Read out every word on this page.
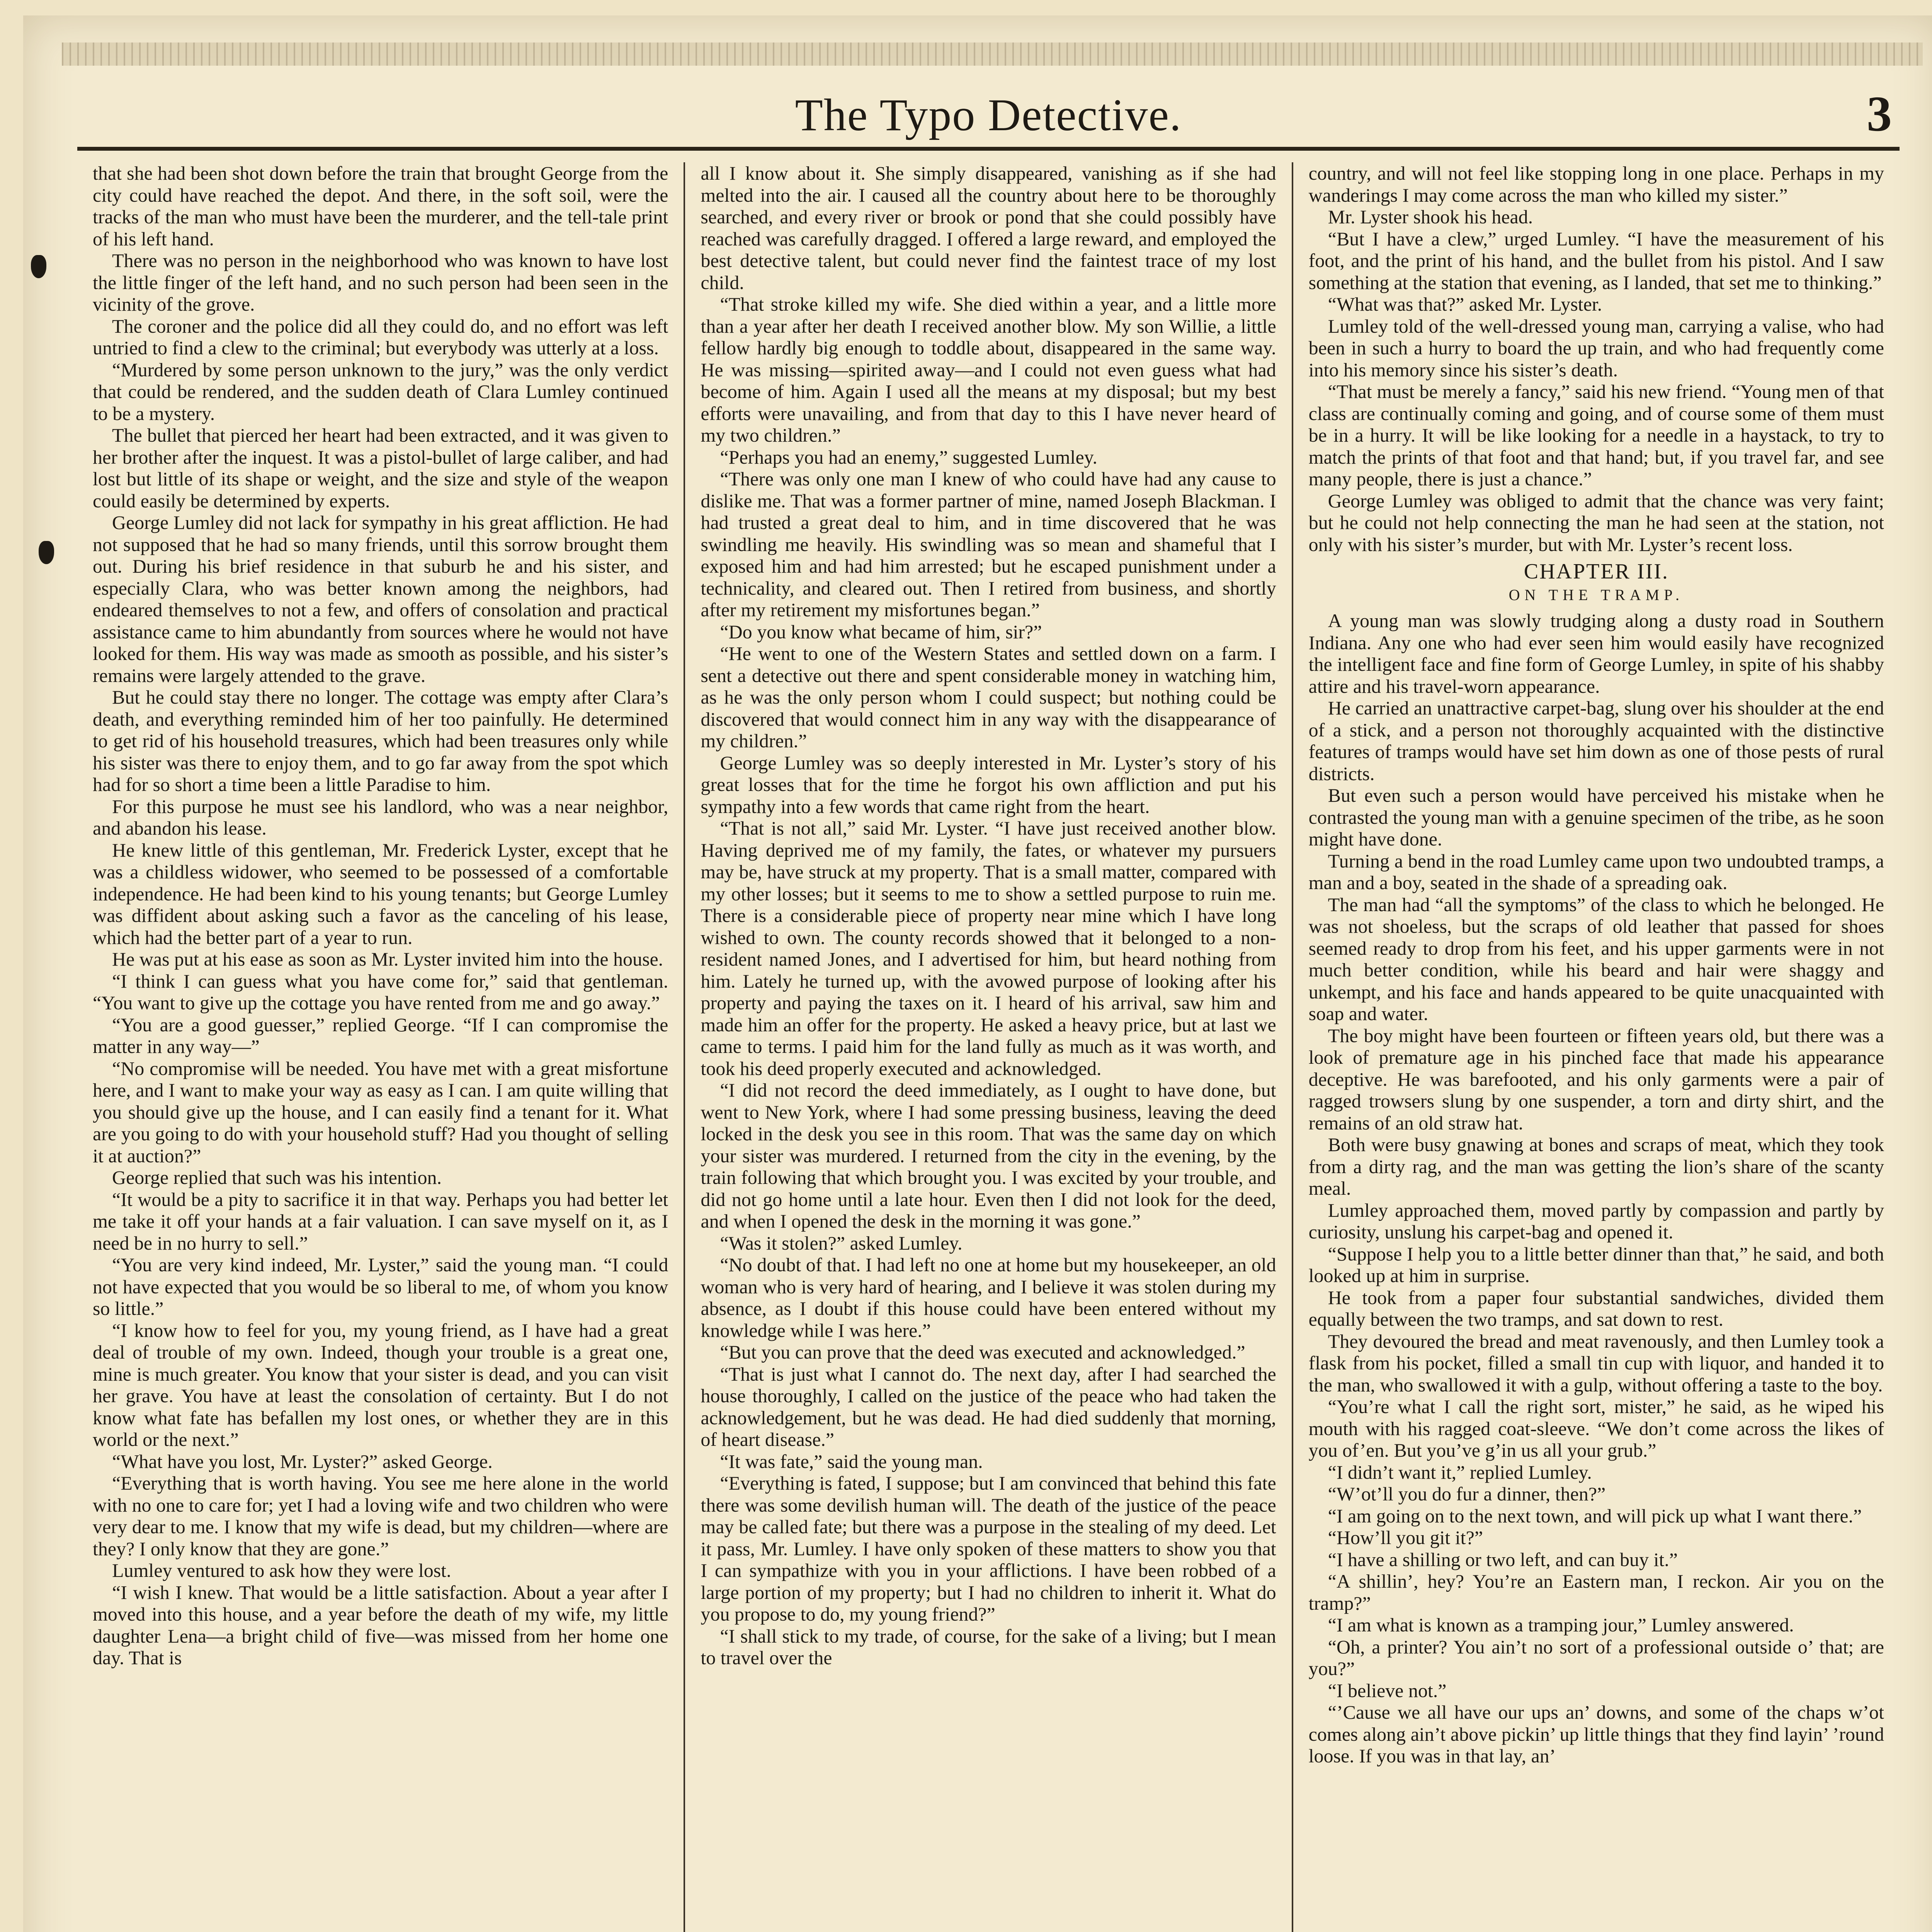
The Typo Detective.	3

that she had been shot down before the train that brought George from the city could have reached the depot. And there, in the soft soil, were the tracks of the man who must have been the murderer, and the tell-tale print of his left hand.

There was no person in the neighborhood who was known to have lost the little finger of the left hand, and no such person had been seen in the vicinity of the grove.

The coroner and the police did all they could do, and no effort was left untried to find a clew to the criminal; but everybody was utterly at a loss.

“Murdered by some person unknown to the jury,” was the only verdict that could be rendered, and the sudden death of Clara Lumley continued to be a mystery.

The bullet that pierced her heart had been extracted, and it was given to her brother after the inquest. It was a pistol-bullet of large caliber, and had lost but little of its shape or weight, and the size and style of the weapon could easily be determined by experts.

George Lumley did not lack for sympathy in his great affliction. He had not supposed that he had so many friends, until this sorrow brought them out. During his brief residence in that suburb he and his sister, and especially Clara, who was better known among the neighbors, had endeared themselves to not a few, and offers of consolation and practical assistance came to him abundantly from sources where he would not have looked for them. His way was made as smooth as possible, and his sister’s remains were largely attended to the grave.

But he could stay there no longer. The cottage was empty after Clara’s death, and everything reminded him of her too painfully. He determined to get rid of his household treasures, which had been treasures only while his sister was there to enjoy them, and to go far away from the spot which had for so short a time been a little Paradise to him.

For this purpose he must see his landlord, who was a near neighbor, and abandon his lease.

He knew little of this gentleman, Mr. Frederick Lyster, except that he was a childless widower, who seemed to be possessed of a comfortable independence. He had been kind to his young tenants; but George Lumley was diffident about asking such a favor as the canceling of his lease, which had the better part of a year to run.

He was put at his ease as soon as Mr. Lyster invited him into the house.

“I think I can guess what you have come for,” said that gentleman. “You want to give up the cottage you have rented from me and go away.”

“You are a good guesser,” replied George. “If I can compromise the matter in any way—”

“No compromise will be needed. You have met with a great misfortune here, and I want to make your way as easy as I can. I am quite willing that you should give up the house, and I can easily find a tenant for it. What are you going to do with your household stuff? Had you thought of selling it at auction?”

George replied that such was his intention.

“It would be a pity to sacrifice it in that way. Perhaps you had better let me take it off your hands at a fair valuation. I can save myself on it, as I need be in no hurry to sell.”

“You are very kind indeed, Mr. Lyster,” said the young man. “I could not have expected that you would be so liberal to me, of whom you know so little.”

“I know how to feel for you, my young friend, as I have had a great deal of trouble of my own. Indeed, though your trouble is a great one, mine is much greater. You know that your sister is dead, and you can visit her grave. You have at least the consolation of certainty. But I do not know what fate has befallen my lost ones, or whether they are in this world or the next.”

“What have you lost, Mr. Lyster?” asked George.

“Everything that is worth having. You see me here alone in the world with no one to care for; yet I had a loving wife and two children who were very dear to me. I know that my wife is dead, but my children—where are they? I only know that they are gone.”

Lumley ventured to ask how they were lost.

“I wish I knew. That would be a little satisfaction. About a year after I moved into this house, and a year before the death of my wife, my little daughter Lena—a bright child of five—was missed from her home one day. That is

all I know about it. She simply disappeared, vanishing as if she had melted into the air. I caused all the country about here to be thoroughly searched, and every river or brook or pond that she could possibly have reached was carefully dragged. I offered a large reward, and employed the best detective talent, but could never find the faintest trace of my lost child.

“That stroke killed my wife. She died within a year, and a little more than a year after her death I received another blow. My son Willie, a little fellow hardly big enough to toddle about, disappeared in the same way. He was missing—spirited away—and I could not even guess what had become of him. Again I used all the means at my disposal; but my best efforts were unavailing, and from that day to this I have never heard of my two children.”

“Perhaps you had an enemy,” suggested Lumley.

“There was only one man I knew of who could have had any cause to dislike me. That was a former partner of mine, named Joseph Blackman. I had trusted a great deal to him, and in time discovered that he was swindling me heavily. His swindling was so mean and shameful that I exposed him and had him arrested; but he escaped punishment under a technicality, and cleared out. Then I retired from business, and shortly after my retirement my misfortunes began.”

“Do you know what became of him, sir?”

“He went to one of the Western States and settled down on a farm. I sent a detective out there and spent considerable money in watching him, as he was the only person whom I could suspect; but nothing could be discovered that would connect him in any way with the disappearance of my children.”

George Lumley was so deeply interested in Mr. Lyster’s story of his great losses that for the time he forgot his own affliction and put his sympathy into a few words that came right from the heart.

“That is not all,” said Mr. Lyster. “I have just received another blow. Having deprived me of my family, the fates, or whatever my pursuers may be, have struck at my property. That is a small matter, compared with my other losses; but it seems to me to show a settled purpose to ruin me. There is a considerable piece of property near mine which I have long wished to own. The county records showed that it belonged to a non-resident named Jones, and I advertised for him, but heard nothing from him. Lately he turned up, with the avowed purpose of looking after his property and paying the taxes on it. I heard of his arrival, saw him and made him an offer for the property. He asked a heavy price, but at last we came to terms. I paid him for the land fully as much as it was worth, and took his deed properly executed and acknowledged.

“I did not record the deed immediately, as I ought to have done, but went to New York, where I had some pressing business, leaving the deed locked in the desk you see in this room. That was the same day on which your sister was murdered. I returned from the city in the evening, by the train following that which brought you. I was excited by your trouble, and did not go home until a late hour. Even then I did not look for the deed, and when I opened the desk in the morning it was gone.”

“Was it stolen?” asked Lumley.

“No doubt of that. I had left no one at home but my housekeeper, an old woman who is very hard of hearing, and I believe it was stolen during my absence, as I doubt if this house could have been entered without my knowledge while I was here.”

“But you can prove that the deed was executed and acknowledged.”

“That is just what I cannot do. The next day, after I had searched the house thoroughly, I called on the justice of the peace who had taken the acknowledgement, but he was dead. He had died suddenly that morning, of heart disease.”

“It was fate,” said the young man.

“Everything is fated, I suppose; but I am convinced that behind this fate there was some devilish human will. The death of the justice of the peace may be called fate; but there was a purpose in the stealing of my deed. Let it pass, Mr. Lumley. I have only spoken of these matters to show you that I can sympathize with you in your afflictions. I have been robbed of a large portion of my property; but I had no children to inherit it. What do you propose to do, my young friend?”

“I shall stick to my trade, of course, for the sake of a living; but I mean to travel over the

country, and will not feel like stopping long in one place. Perhaps in my wanderings I may come across the man who killed my sister.”

Mr. Lyster shook his head.

“But I have a clew,” urged Lumley. “I have the measurement of his foot, and the print of his hand, and the bullet from his pistol. And I saw something at the station that evening, as I landed, that set me to thinking.”

“What was that?” asked Mr. Lyster.

Lumley told of the well-dressed young man, carrying a valise, who had been in such a hurry to board the up train, and who had frequently come into his memory since his sister’s death.

“That must be merely a fancy,” said his new friend. “Young men of that class are continually coming and going, and of course some of them must be in a hurry. It will be like looking for a needle in a haystack, to try to match the prints of that foot and that hand; but, if you travel far, and see many people, there is just a chance.”

George Lumley was obliged to admit that the chance was very faint; but he could not help connecting the man he had seen at the station, not only with his sister’s murder, but with Mr. Lyster’s recent loss.

CHAPTER III.
ON THE TRAMP.

A young man was slowly trudging along a dusty road in Southern Indiana. Any one who had ever seen him would easily have recognized the intelligent face and fine form of George Lumley, in spite of his shabby attire and his travel-worn appearance.

He carried an unattractive carpet-bag, slung over his shoulder at the end of a stick, and a person not thoroughly acquainted with the distinctive features of tramps would have set him down as one of those pests of rural districts.

But even such a person would have perceived his mistake when he contrasted the young man with a genuine specimen of the tribe, as he soon might have done.

Turning a bend in the road Lumley came upon two undoubted tramps, a man and a boy, seated in the shade of a spreading oak.

The man had “all the symptoms” of the class to which he belonged. He was not shoeless, but the scraps of old leather that passed for shoes seemed ready to drop from his feet, and his upper garments were in not much better condition, while his beard and hair were shaggy and unkempt, and his face and hands appeared to be quite unacquainted with soap and water.

The boy might have been fourteen or fifteen years old, but there was a look of premature age in his pinched face that made his appearance deceptive. He was barefooted, and his only garments were a pair of ragged trowsers slung by one suspender, a torn and dirty shirt, and the remains of an old straw hat.

Both were busy gnawing at bones and scraps of meat, which they took from a dirty rag, and the man was getting the lion’s share of the scanty meal.

Lumley approached them, moved partly by compassion and partly by curiosity, unslung his carpet-bag and opened it.

“Suppose I help you to a little better dinner than that,” he said, and both looked up at him in surprise.

He took from a paper four substantial sandwiches, divided them equally between the two tramps, and sat down to rest.

They devoured the bread and meat ravenously, and then Lumley took a flask from his pocket, filled a small tin cup with liquor, and handed it to the man, who swallowed it with a gulp, without offering a taste to the boy.

“You’re what I call the right sort, mister,” he said, as he wiped his mouth with his ragged coat-sleeve. “We don’t come across the likes of you of’en. But you’ve g’in us all your grub.”

“I didn’t want it,” replied Lumley.

“W’ot’ll you do fur a dinner, then?”

“I am going on to the next town, and will pick up what I want there.”

“How’ll you git it?”

“I have a shilling or two left, and can buy it.”

“A shillin’, hey? You’re an Eastern man, I reckon. Air you on the tramp?”

“I am what is known as a tramping jour,” Lumley answered.

“Oh, a printer? You ain’t no sort of a professional outside o’ that; are you?”

“I believe not.”

“’Cause we all have our ups an’ downs, and some of the chaps w’ot comes along ain’t above pickin’ up little things that they find layin’ ’round loose. If you was in that lay, an’
